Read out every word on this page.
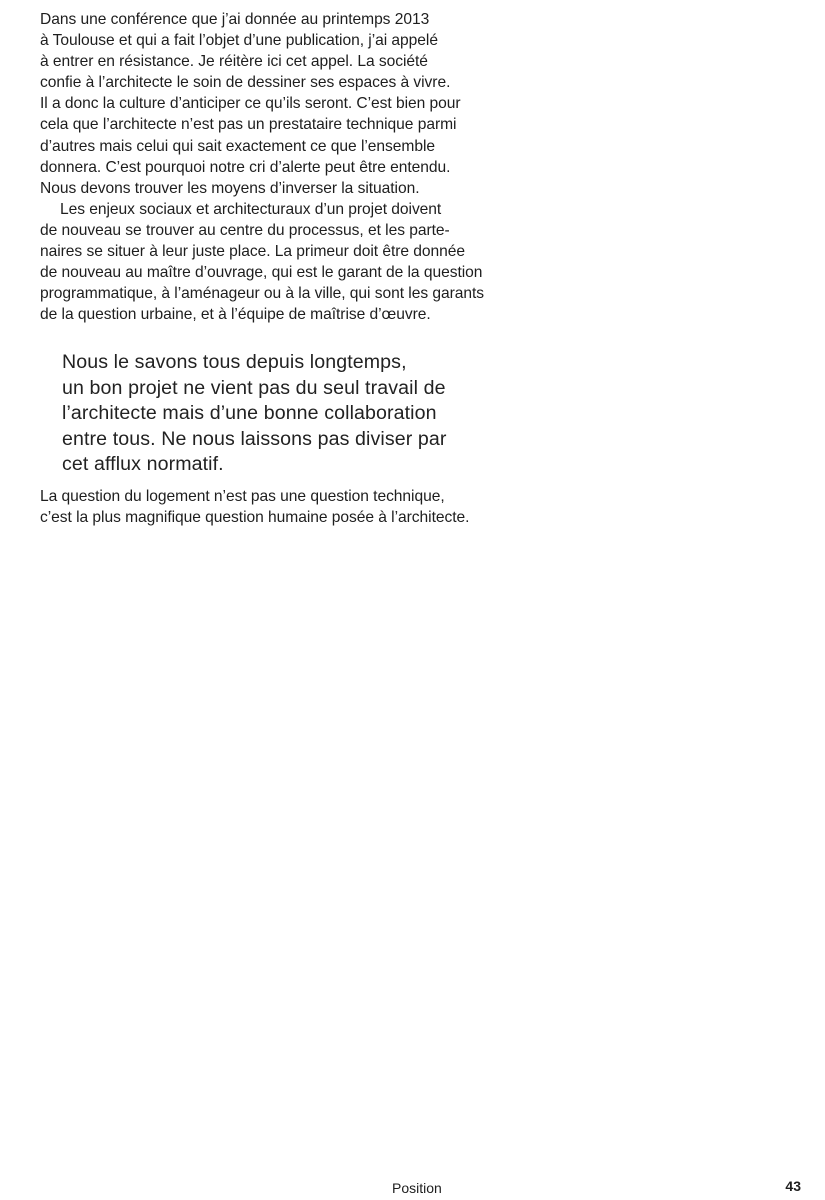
Dans une conférence que j’ai donnée au printemps 2013
à Toulouse et qui a fait l’objet d’une publication, j’ai appelé
à entrer en résistance. Je réitère ici cet appel. La société
confie à l’architecte le soin de dessiner ses espaces à vivre.
Il a donc la culture d’anticiper ce qu’ils seront. C’est bien pour
cela que l’architecte n’est pas un prestataire technique parmi
d’autres mais celui qui sait exactement ce que l’ensemble
donnera. C’est pourquoi notre cri d’alerte peut être entendu.
Nous devons trouver les moyens d’inverser la situation.
Les enjeux sociaux et architecturaux d’un projet doivent
de nouveau se trouver au centre du processus, et les parte-
naires se situer à leur juste place. La primeur doit être donnée
de nouveau au maître d’ouvrage, qui est le garant de la question
programmatique, à l’aménageur ou à la ville, qui sont les garants
de la question urbaine, et à l’équipe de maîtrise d’œuvre.
Nous le savons tous depuis longtemps,
un bon projet ne vient pas du seul travail de
l’architecte mais d’une bonne collaboration
entre tous. Ne nous laissons pas diviser par
cet afflux normatif.
La question du logement n’est pas une question technique,
c’est la plus magnifique question humaine posée à l’architecte.
Position	43
